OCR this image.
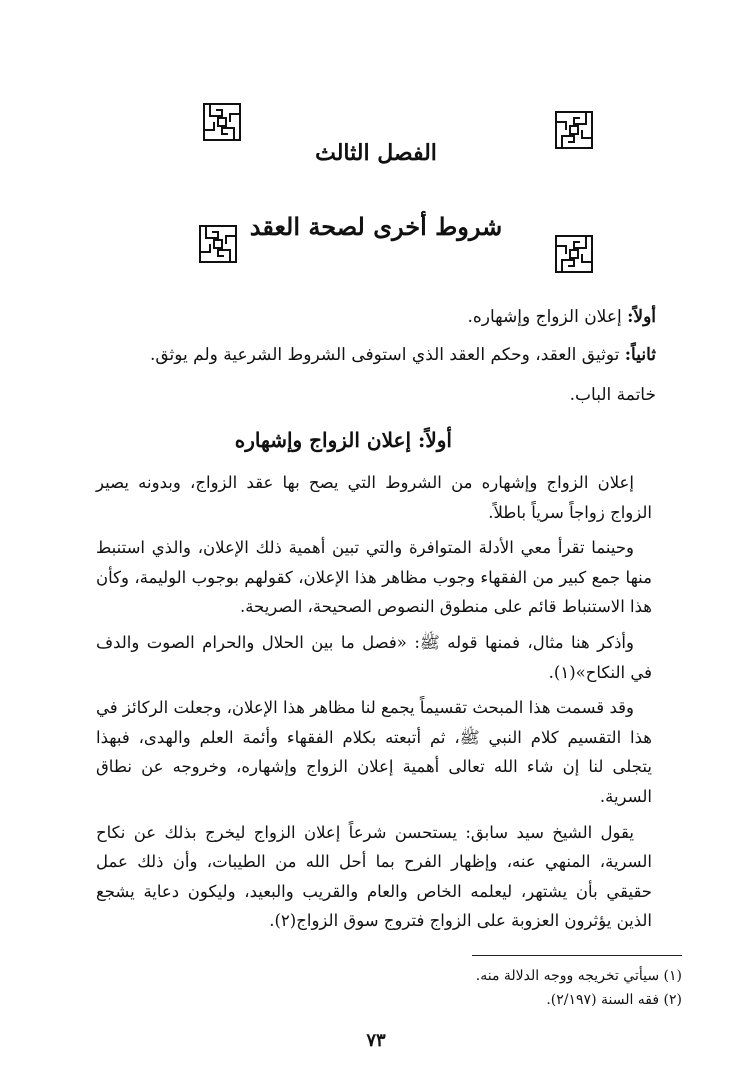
الفصل الثالث
شروط أخرى لصحة العقد
أولاً: إعلان الزواج وإشهاره.
ثانياً: توثيق العقد، وحكم العقد الذي استوفى الشروط الشرعية ولم يوثق.
خاتمة الباب.
أولاً: إعلان الزواج وإشهاره

إعلان الزواج وإشهاره من الشروط التي يصح بها عقد الزواج، وبدونه يصير الزواج زواجاً سرياً باطلاً.

وحينما تقرأ معي الأدلة المتوافرة والتي تبين أهمية ذلك الإعلان، والذي استنبط منها جمع كبير من الفقهاء وجوب مظاهر هذا الإعلان، كقولهم بوجوب الوليمة، وكأن هذا الاستنباط قائم على منطوق النصوص الصحيحة، الصريحة.

وأذكر هنا مثال، فمنها قوله ﷺ: «فصل ما بين الحلال والحرام الصوت والدف في النكاح»(١).

وقد قسمت هذا المبحث تقسيماً يجمع لنا مظاهر هذا الإعلان، وجعلت الركائز في هذا التقسيم كلام النبي ﷺ، ثم أتبعته بكلام الفقهاء وأئمة العلم والهدى، فبهذا يتجلى لنا إن شاء الله تعالى أهمية إعلان الزواج وإشهاره، وخروجه عن نطاق السرية.

يقول الشيخ سيد سابق: يستحسن شرعاً إعلان الزواج ليخرج بذلك عن نكاح السرية، المنهي عنه، وإظهار الفرح بما أحل الله من الطيبات، وأن ذلك عمل حقيقي بأن يشتهر، ليعلمه الخاص والعام والقريب والبعيد، وليكون دعاية يشجع الذين يؤثرون العزوبة على الزواج فتروج سوق الزواج(٢).

(١) سيأتي تخريجه ووجه الدلالة منه.
(٢) فقه السنة (٢/١٩٧).
٧٣
